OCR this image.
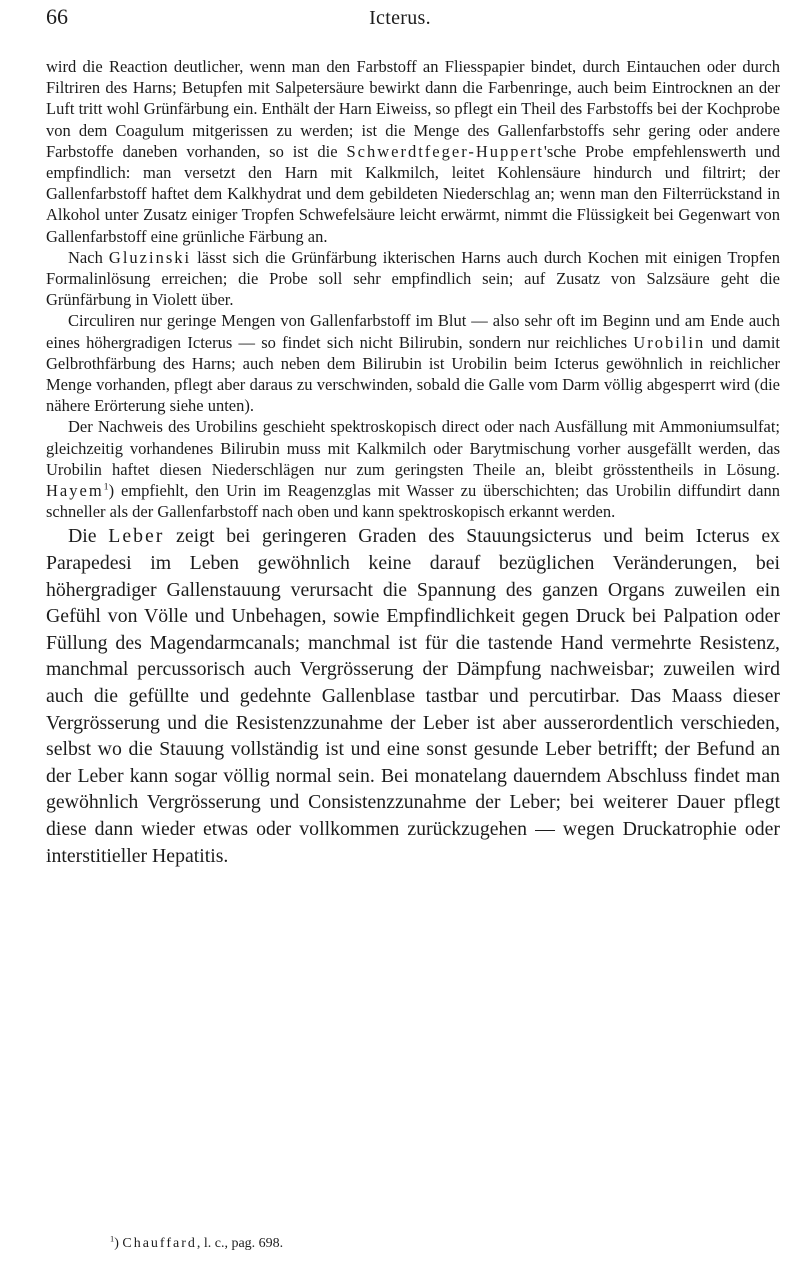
66	Icterus.

wird die Reaction deutlicher, wenn man den Farbstoff an Fliesspapier bindet, durch Eintauchen oder durch Filtriren des Harns; Betupfen mit Salpetersäure bewirkt dann die Farbenringe, auch beim Eintrocknen an der Luft tritt wohl Grünfärbung ein. Enthält der Harn Eiweiss, so pflegt ein Theil des Farbstoffs bei der Kochprobe von dem Coagulum mitgerissen zu werden; ist die Menge des Gallenfarbstoffs sehr gering oder andere Farbstoffe daneben vorhanden, so ist die Schwerdtfeger-Huppert'sche Probe empfehlenswerth und empfindlich: man versetzt den Harn mit Kalkmilch, leitet Kohlensäure hindurch und filtrirt; der Gallenfarbstoff haftet dem Kalkhydrat und dem gebildeten Niederschlag an; wenn man den Filterrückstand in Alkohol unter Zusatz einiger Tropfen Schwefelsäure leicht erwärmt, nimmt die Flüssigkeit bei Gegenwart von Gallenfarbstoff eine grünliche Färbung an.

Nach Gluzinski lässt sich die Grünfärbung ikterischen Harns auch durch Kochen mit einigen Tropfen Formalinlösung erreichen; die Probe soll sehr empfindlich sein; auf Zusatz von Salzsäure geht die Grünfärbung in Violett über.

Circuliren nur geringe Mengen von Gallenfarbstoff im Blut — also sehr oft im Beginn und am Ende auch eines höhergradigen Icterus — so findet sich nicht Bilirubin, sondern nur reichliches Urobilin und damit Gelbrothfärbung des Harns; auch neben dem Bilirubin ist Urobilin beim Icterus gewöhnlich in reichlicher Menge vorhanden, pflegt aber daraus zu verschwinden, sobald die Galle vom Darm völlig abgesperrt wird (die nähere Erörterung siehe unten).

Der Nachweis des Urobilins geschieht spektroskopisch direct oder nach Ausfällung mit Ammoniumsulfat; gleichzeitig vorhandenes Bilirubin muss mit Kalkmilch oder Barytmischung vorher ausgefällt werden, das Urobilin haftet diesen Niederschlägen nur zum geringsten Theile an, bleibt grösstentheils in Lösung. Hayem$^1$) empfiehlt, den Urin im Reagenzglas mit Wasser zu überschichten; das Urobilin diffundirt dann schneller als der Gallenfarbstoff nach oben und kann spektroskopisch erkannt werden.

Die Leber zeigt bei geringeren Graden des Stauungsicterus und beim Icterus ex Parapedesi im Leben gewöhnlich keine darauf bezüglichen Veränderungen, bei höhergradiger Gallenstauung verursacht die Spannung des ganzen Organs zuweilen ein Gefühl von Völle und Unbehagen, sowie Empfindlichkeit gegen Druck bei Palpation oder Füllung des Magendarmcanals; manchmal ist für die tastende Hand vermehrte Resistenz, manchmal percussorisch auch Vergrösserung der Dämpfung nachweisbar; zuweilen wird auch die gefüllte und gedehnte Gallenblase tastbar und percutirbar. Das Maass dieser Vergrösserung und die Resistenzzunahme der Leber ist aber ausserordentlich verschieden, selbst wo die Stauung vollständig ist und eine sonst gesunde Leber betrifft; der Befund an der Leber kann sogar völlig normal sein. Bei monatelang dauerndem Abschluss findet man gewöhnlich Vergrösserung und Consistenzzunahme der Leber; bei weiterer Dauer pflegt diese dann wieder etwas oder vollkommen zurückzugehen — wegen Druckatrophie oder interstitieller Hepatitis.

$^1$) Chauffard, l. c., pag. 698.
